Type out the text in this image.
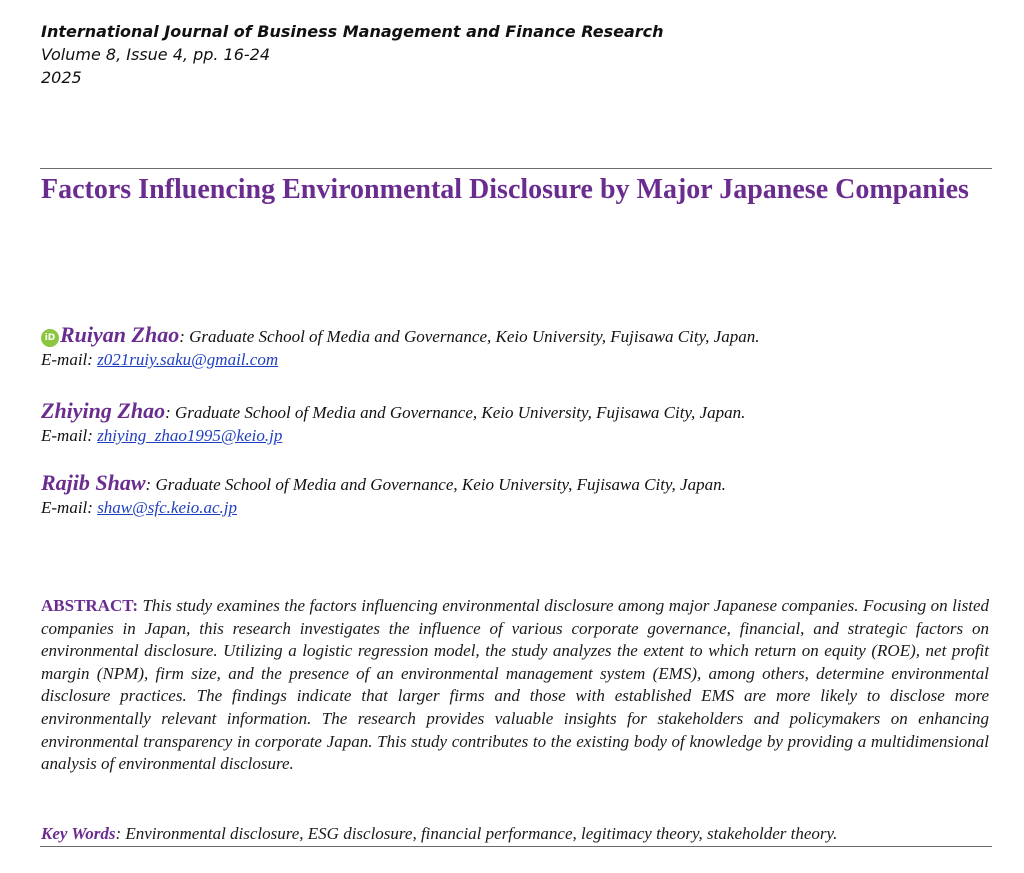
International Journal of Business Management and Finance Research
Volume 8, Issue 4, pp. 16-24
2025
Factors Influencing Environmental Disclosure by Major Japanese Companies
iD Ruiyan Zhao: Graduate School of Media and Governance, Keio University, Fujisawa City, Japan.
E-mail: z021ruiy.saku@gmail.com
Zhiying Zhao: Graduate School of Media and Governance, Keio University, Fujisawa City, Japan.
E-mail: zhiying_zhao1995@keio.jp
Rajib Shaw: Graduate School of Media and Governance, Keio University, Fujisawa City, Japan.
E-mail: shaw@sfc.keio.ac.jp

ABSTRACT: This study examines the factors influencing environmental disclosure among major Japanese companies. Focusing on listed companies in Japan, this research investigates the influence of various corporate governance, financial, and strategic factors on environmental disclosure. Utilizing a logistic regression model, the study analyzes the extent to which return on equity (ROE), net profit margin (NPM), firm size, and the presence of an environmental management system (EMS), among others, determine environmental disclosure practices. The findings indicate that larger firms and those with established EMS are more likely to disclose more environmentally relevant information. The research provides valuable insights for stakeholders and policymakers on enhancing environmental transparency in corporate Japan. This study contributes to the existing body of knowledge by providing a multidimensional analysis of environmental disclosure.

Key Words: Environmental disclosure, ESG disclosure, financial performance, legitimacy theory, stakeholder theory.
